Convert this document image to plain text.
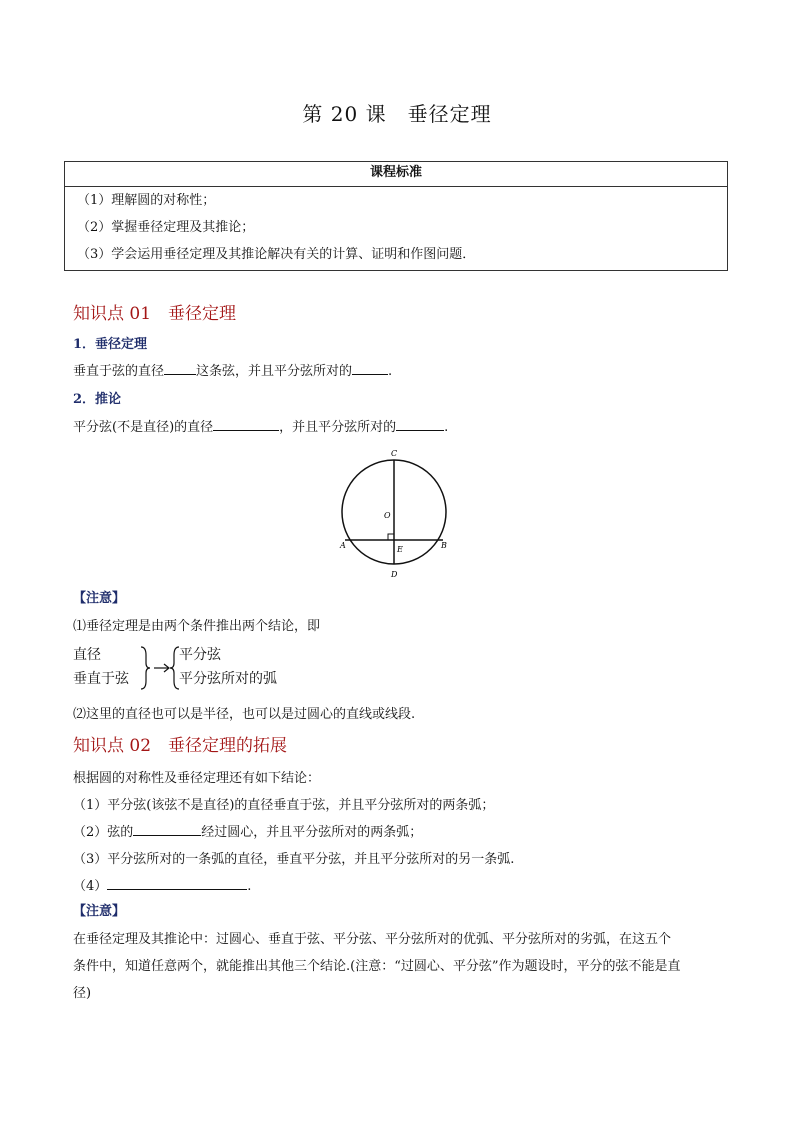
第 20 课　垂径定理
课程标准
（1）理解圆的对称性；
（2）掌握垂径定理及其推论；
（3）学会运用垂径定理及其推论解决有关的计算、证明和作图问题．
知识点 01　垂径定理
1．垂径定理
垂直于弦的直径 这条弦，并且平分弦所对的	.
2．推论
平分弦(不是直径)的直径	，并且平分弦所对的	.
C
O
A	E	B
D
【注意】
⑴垂径定理是由两个条件推出两个结论，即
直径
垂直于弦
平分弦
平分弦所对的弧
⑵这里的直径也可以是半径，也可以是过圆心的直线或线段.
知识点 02　垂径定理的拓展
根据圆的对称性及垂径定理还有如下结论：
（1）平分弦(该弦不是直径)的直径垂直于弦，并且平分弦所对的两条弧；
（2）弦的	经过圆心，并且平分弦所对的两条弧；
（3）平分弦所对的一条弧的直径，垂直平分弦，并且平分弦所对的另一条弧.
（4）	.
【注意】
在垂径定理及其推论中：过圆心、垂直于弦、平分弦、平分弦所对的优弧、平分弦所对的劣弧，在这五个
条件中，知道任意两个，就能推出其他三个结论.(注意：“过圆心、平分弦”作为题设时，平分的弦不能是直
径)
